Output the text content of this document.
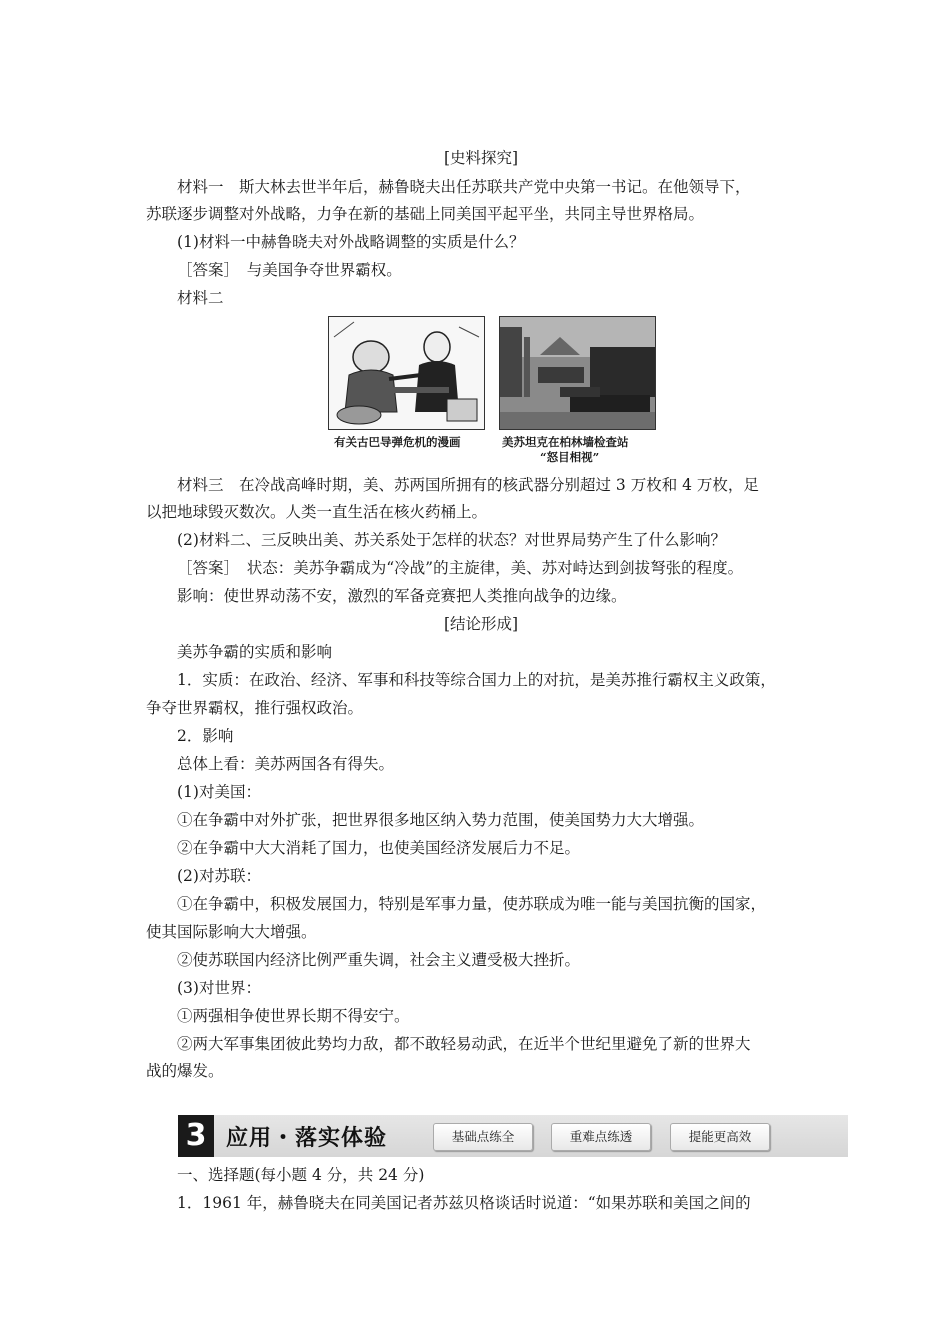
[史料探究]
材料一　斯大林去世半年后，赫鲁晓夫出任苏联共产党中央第一书记。在他领导下，
苏联逐步调整对外战略，力争在新的基础上同美国平起平坐，共同主导世界格局。
(1)材料一中赫鲁晓夫对外战略调整的实质是什么？
［答案］　与美国争夺世界霸权。
材料二
材料三　在冷战高峰时期，美、苏两国所拥有的核武器分别超过 3 万枚和 4 万枚，足
以把地球毁灭数次。人类一直生活在核火药桶上。
(2)材料二、三反映出美、苏关系处于怎样的状态？对世界局势产生了什么影响？
［答案］　状态：美苏争霸成为“冷战”的主旋律，美、苏对峙达到剑拔弩张的程度。
影响：使世界动荡不安，激烈的军备竞赛把人类推向战争的边缘。
[结论形成]
美苏争霸的实质和影响
1．实质：在政治、经济、军事和科技等综合国力上的对抗，是美苏推行霸权主义政策，
争夺世界霸权，推行强权政治。
2．影响
总体上看：美苏两国各有得失。
(1)对美国：
①在争霸中对外扩张，把世界很多地区纳入势力范围，使美国势力大大增强。
②在争霸中大大消耗了国力，也使美国经济发展后力不足。
(2)对苏联：
①在争霸中，积极发展国力，特别是军事力量，使苏联成为唯一能与美国抗衡的国家，
使其国际影响大大增强。
②使苏联国内经济比例严重失调，社会主义遭受极大挫折。
(3)对世界：
①两强相争使世界长期不得安宁。
②两大军事集团彼此势均力敌，都不敢轻易动武，在近半个世纪里避免了新的世界大
战的爆发。
一、选择题(每小题 4 分，共 24 分)
1．1961 年，赫鲁晓夫在同美国记者苏兹贝格谈话时说道：“如果苏联和美国之间的
有关古巴导弹危机的漫画	美苏坦克在柏林墙检查站
“怒目相视”
3 应用・落实体验	基础点练全	重难点练透	提能更高效
